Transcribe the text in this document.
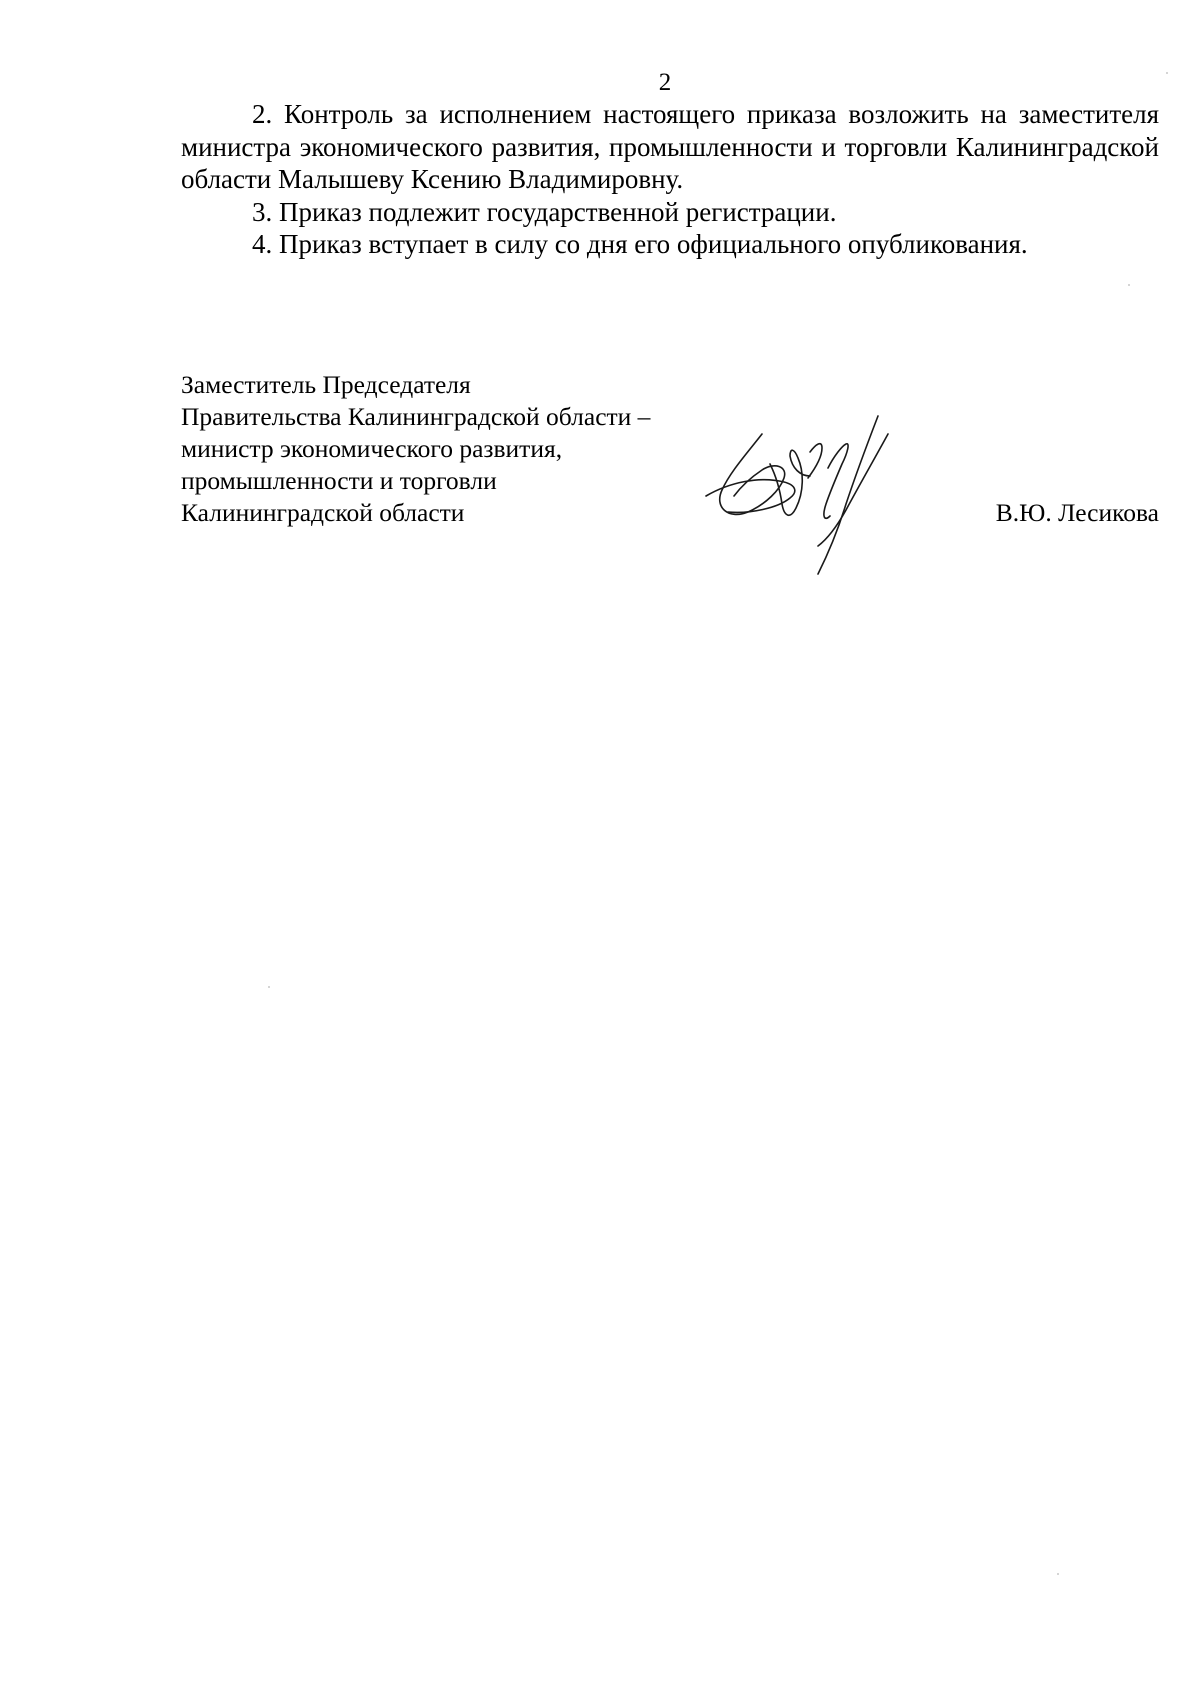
2

2. Контроль за исполнением настоящего приказа возложить на заместителя министра экономического развития, промышленности и торговли Калининградской области Малышеву Ксению Владимировну.

3. Приказ подлежит государственной регистрации.

4. Приказ вступает в силу со дня его официального опубликования.

Заместитель Председателя
Правительства Калининградской области –
министр экономического развития,
промышленности и торговли
Калининградской области	В.Ю. Лесикова
